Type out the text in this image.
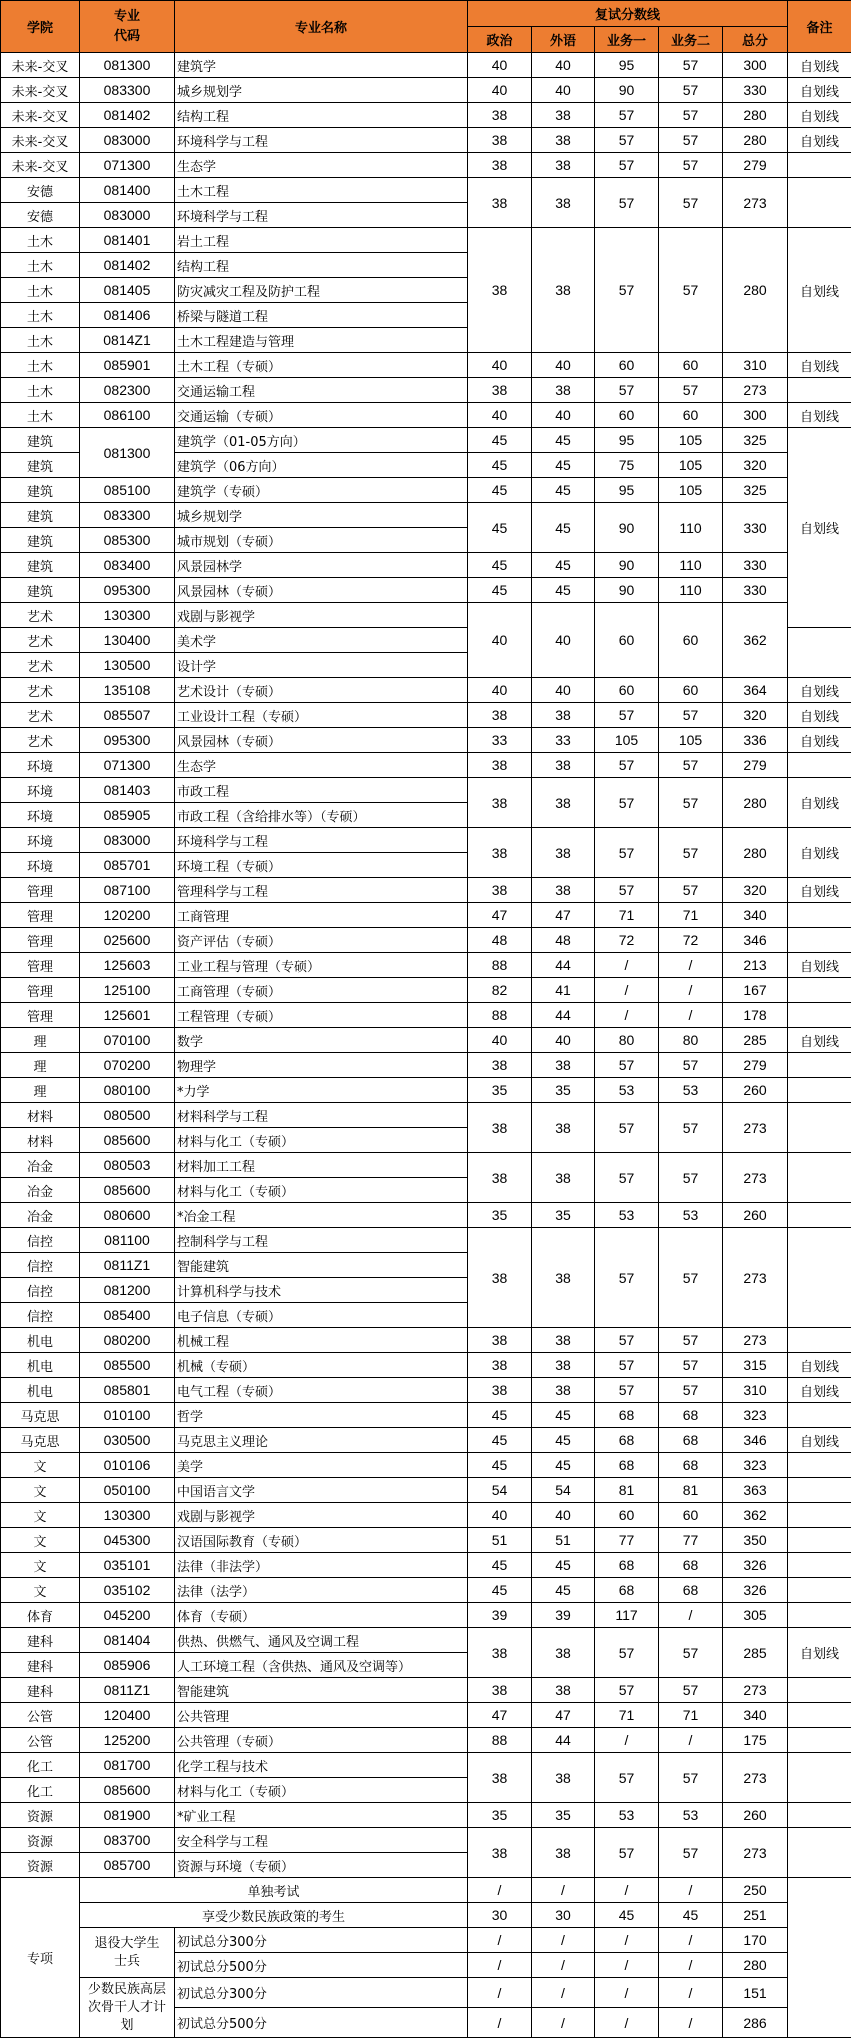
学院	专业代码	专业名称	复试分数线					备注	
			政治	外语	业务一	业务二	总分		
未来-交叉	081300	建筑学	40	40	95	57	300	自划线	
未来-交叉	083300	城乡规划学	40	40	90	57	330	自划线	
未来-交叉	081402	结构工程	38	38	57	57	280	自划线	
未来-交叉	083000	环境科学与工程	38	38	57	57	280	自划线	
未来-交叉	071300	生态学	38	38	57	57	279		
安德	081400	土木工程	38	38	57	57	273		
安德	083000	环境科学与工程							
土木	081401	岩土工程	38	38	57	57	280	自划线	
土木	081402	结构工程							
土木	081405	防灾减灾工程及防护工程							
土木	081406	桥梁与隧道工程							
土木	0814Z1	土木工程建造与管理							
土木	085901	土木工程（专硕）	40	40	60	60	310	自划线	
土木	082300	交通运输工程	38	38	57	57	273		
土木	086100	交通运输（专硕）	40	40	60	60	300	自划线	
建筑	081300	建筑学（01-05方向）	45	45	95	105	325	自划线	
建筑		建筑学（06方向）	45	45	75	105	320		
建筑	085100	建筑学（专硕）	45	45	95	105	325		
建筑	083300	城乡规划学	45	45	90	110	330		
建筑	085300	城市规划（专硕）							
建筑	083400	风景园林学	45	45	90	110	330		
建筑	095300	风景园林（专硕）	45	45	90	110	330		
艺术	130300	戏剧与影视学	40	40	60	60	362		
艺术	130400	美术学							
艺术	130500	设计学							
艺术	135108	艺术设计（专硕）	40	40	60	60	364	自划线	
艺术	085507	工业设计工程（专硕）	38	38	57	57	320	自划线	
艺术	095300	风景园林（专硕）	33	33	105	105	336	自划线	
环境	071300	生态学	38	38	57	57	279		
环境	081403	市政工程	38	38	57	57	280	自划线	
环境	085905	市政工程（含给排水等）（专硕）							
环境	083000	环境科学与工程	38	38	57	57	280	自划线	
环境	085701	环境工程（专硕）							
管理	087100	管理科学与工程	38	38	57	57	320	自划线	
管理	120200	工商管理	47	47	71	71	340		
管理	025600	资产评估（专硕）	48	48	72	72	346		
管理	125603	工业工程与管理（专硕）	88	44	/	/	213	自划线	
管理	125100	工商管理（专硕）	82	41	/	/	167		
管理	125601	工程管理（专硕）	88	44	/	/	178		
理	070100	数学	40	40	80	80	285	自划线	
理	070200	物理学	38	38	57	57	279		
理	080100	*力学	35	35	53	53	260		
材料	080500	材料科学与工程	38	38	57	57	273		
材料	085600	材料与化工（专硕）							
冶金	080503	材料加工工程	38	38	57	57	273		
冶金	085600	材料与化工（专硕）							
冶金	080600	*冶金工程	35	35	53	53	260		
信控	081100	控制科学与工程	38	38	57	57	273		
信控	0811Z1	智能建筑							
信控	081200	计算机科学与技术							
信控	085400	电子信息（专硕）							
机电	080200	机械工程	38	38	57	57	273		
机电	085500	机械（专硕）	38	38	57	57	315	自划线	
机电	085801	电气工程（专硕）	38	38	57	57	310	自划线	
马克思	010100	哲学	45	45	68	68	323		
马克思	030500	马克思主义理论	45	45	68	68	346	自划线	
文	010106	美学	45	45	68	68	323		
文	050100	中国语言文学	54	54	81	81	363		
文	130300	戏剧与影视学	40	40	60	60	362		
文	045300	汉语国际教育（专硕）	51	51	77	77	350		
文	035101	法律（非法学）	45	45	68	68	326		
文	035102	法律（法学）	45	45	68	68	326		
体育	045200	体育（专硕）	39	39	117	/	305		
建科	081404	供热、供燃气、通风及空调工程	38	38	57	57	285	自划线	
建科	085906	人工环境工程（含供热、通风及空调等）							
建科	0811Z1	智能建筑	38	38	57	57	273		
公管	120400	公共管理	47	47	71	71	340		
公管	125200	公共管理（专硕）	88	44	/	/	175		
化工	081700	化学工程与技术	38	38	57	57	273		
化工	085600	材料与化工（专硕）							
资源	081900	*矿业工程	35	35	53	53	260		
资源	083700	安全科学与工程	38	38	57	57	273		
资源	085700	资源与环境（专硕）							
专项	单独考试		/	/	/	/	250		
	享受少数民族政策的考生		30	30	45	45	251		
	退役大学生士兵	初试总分300分	/	/	/	/	170		
		初试总分500分	/	/	/	/	280		
	少数民族高层次骨干人才计划	初试总分300分	/	/	/	/	151		
		初试总分500分	/	/	/	/	286		
